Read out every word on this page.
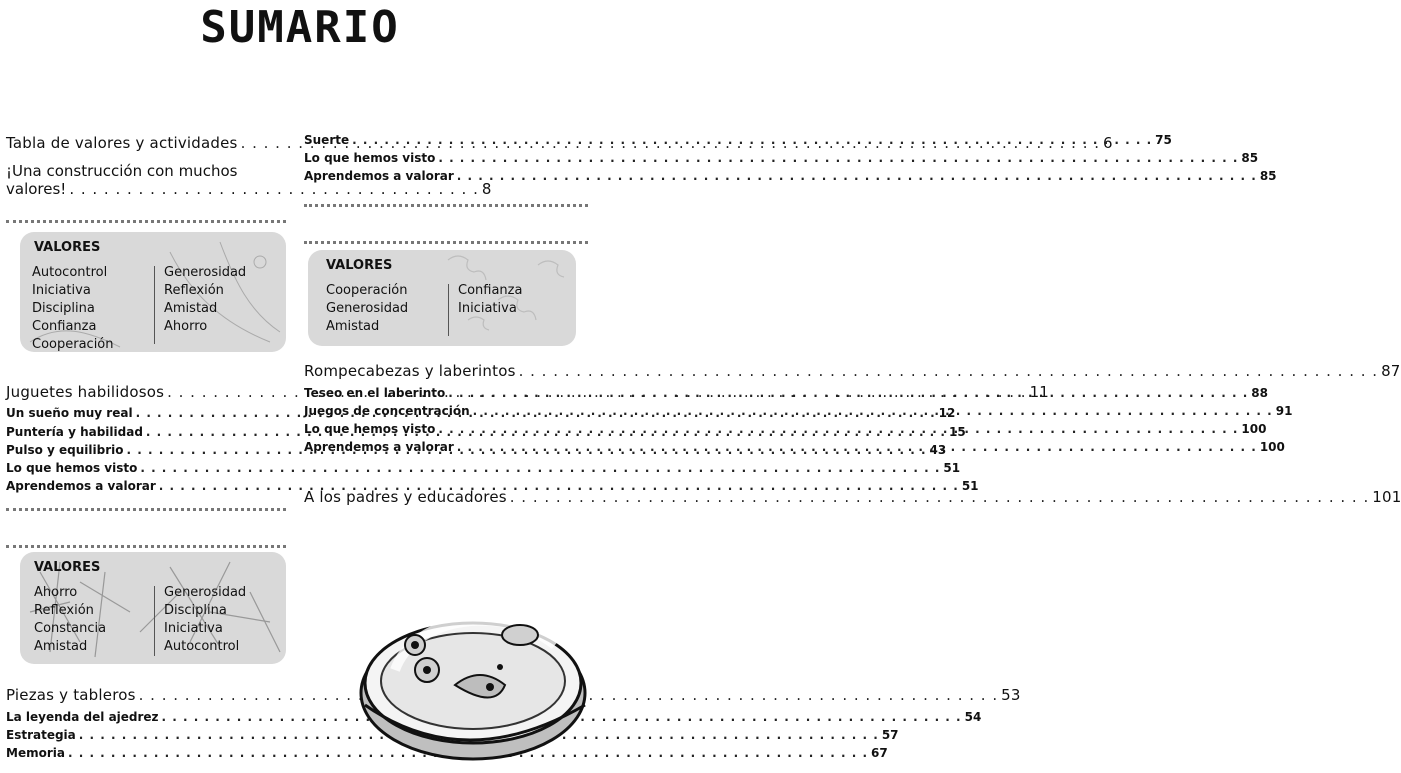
SUMARIO
Tabla de valores y actividades . . .	6
¡Una construcción con muchos
valores! . . . . . . . . . . . . . . . . . . . . . . . . . . . . . . . . . . . . 8
VALORES
Autocontrol
Iniciativa
Disciplina
Confianza
Cooperación
Generosidad
Reflexión
Amistad
Ahorro
Juguetes habilidosos . . .	11
Un sueño muy real . . .	12
Puntería y habilidad . . .	15
Pulso y equilibrio . . .	43
Lo que hemos visto . . .	51
Aprendemos a valorar . . .	51
VALORES
Ahorro
Reflexión
Constancia
Amistad
Generosidad
Disciplina
Iniciativa
Autocontrol
Piezas y tableros . . .	53
La leyenda del ajedrez . . .	54
Estrategia . . .	57
Memoria . . .	67
Suerte . . .	75
Lo que hemos visto . . .	85
Aprendemos a valorar . . .	85
VALORES
Cooperación
Generosidad
Amistad
Confianza
Iniciativa
Rompecabezas y laberintos . . .	87
Teseo en el laberinto . . .	88
Juegos de concentración . . .	91
Lo que hemos visto . . .	100
Aprendemos a valorar . . .	100
A los padres y educadores . . .	101
